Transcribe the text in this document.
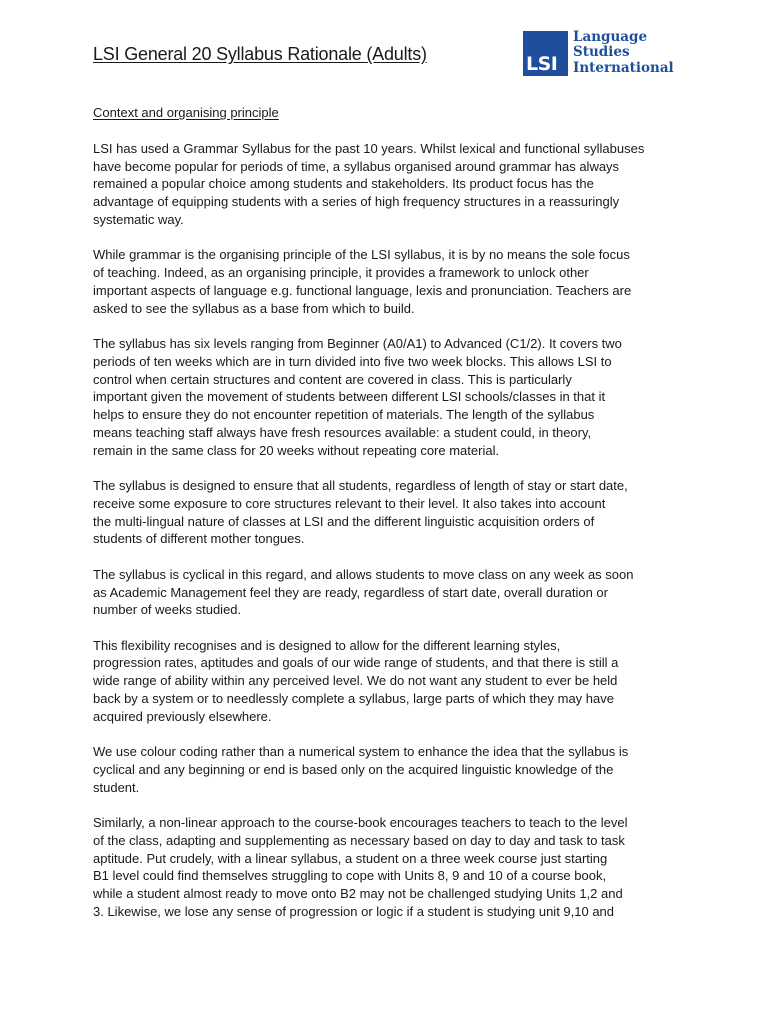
LSI General 20 Syllabus Rationale (Adults)	LSI
Language
Studies
International
Context and organising principle
LSI has used a Grammar Syllabus for the past 10 years. Whilst lexical and functional syllabuses
have become popular for periods of time, a syllabus organised around grammar has always
remained a popular choice among students and stakeholders. Its product focus has the
advantage of equipping students with a series of high frequency structures in a reassuringly
systematic way.
While grammar is the organising principle of the LSI syllabus, it is by no means the sole focus
of teaching. Indeed, as an organising principle, it provides a framework to unlock other
important aspects of language e.g. functional language, lexis and pronunciation. Teachers are
asked to see the syllabus as a base from which to build.
The syllabus has six levels ranging from Beginner (A0/A1) to Advanced (C1/2). It covers two
periods of ten weeks which are in turn divided into five two week blocks. This allows LSI to
control when certain structures and content are covered in class. This is particularly
important given the movement of students between different LSI schools/classes in that it
helps to ensure they do not encounter repetition of materials. The length of the syllabus
means teaching staff always have fresh resources available: a student could, in theory,
remain in the same class for 20 weeks without repeating core material.
The syllabus is designed to ensure that all students, regardless of length of stay or start date,
receive some exposure to core structures relevant to their level. It also takes into account
the multi-lingual nature of classes at LSI and the different linguistic acquisition orders of
students of different mother tongues.
The syllabus is cyclical in this regard, and allows students to move class on any week as soon
as Academic Management feel they are ready, regardless of start date, overall duration or
number of weeks studied.
This flexibility recognises and is designed to allow for the different learning styles,
progression rates, aptitudes and goals of our wide range of students, and that there is still a
wide range of ability within any perceived level. We do not want any student to ever be held
back by a system or to needlessly complete a syllabus, large parts of which they may have
acquired previously elsewhere.
We use colour coding rather than a numerical system to enhance the idea that the syllabus is
cyclical and any beginning or end is based only on the acquired linguistic knowledge of the
student.
Similarly, a non-linear approach to the course-book encourages teachers to teach to the level
of the class, adapting and supplementing as necessary based on day to day and task to task
aptitude. Put crudely, with a linear syllabus, a student on a three week course just starting
B1 level could find themselves struggling to cope with Units 8, 9 and 10 of a course book,
while a student almost ready to move onto B2 may not be challenged studying Units 1,2 and
3. Likewise, we lose any sense of progression or logic if a student is studying unit 9,10 and
